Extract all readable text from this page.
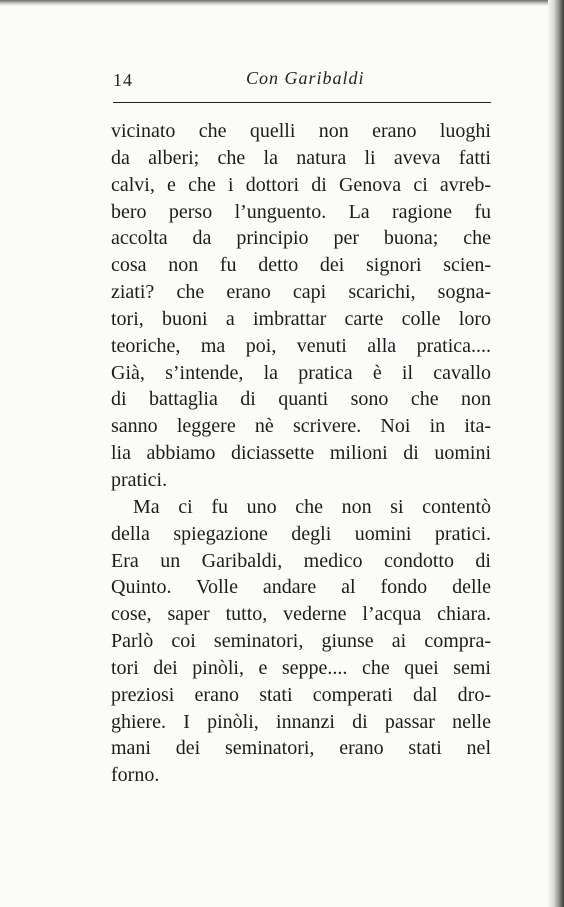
14	Con Garibaldi
vicinato che quelli non erano luoghi
da alberi; che la natura li aveva fatti
calvi, e che i dottori di Genova ci avreb-
bero perso l’unguento. La ragione fu
accolta da principio per buona; che
cosa non fu detto dei signori scien-
ziati? che erano capi scarichi, sogna-
tori, buoni a imbrattar carte colle loro
teoriche, ma poi, venuti alla pratica....
Già, s’intende, la pratica è il cavallo
di battaglia di quanti sono che non
sanno leggere nè scrivere. Noi in ita-
lia abbiamo diciassette milioni di uomini
pratici.
Ma ci fu uno che non si contentò
della spiegazione degli uomini pratici.
Era un Garibaldi, medico condotto di
Quinto. Volle andare al fondo delle
cose, saper tutto, vederne l’acqua chiara.
Parlò coi seminatori, giunse ai compra-
tori dei pinòli, e seppe.... che quei semi
preziosi erano stati comperati dal dro-
ghiere. I pinòli, innanzi di passar nelle
mani dei seminatori, erano stati nel
forno.
